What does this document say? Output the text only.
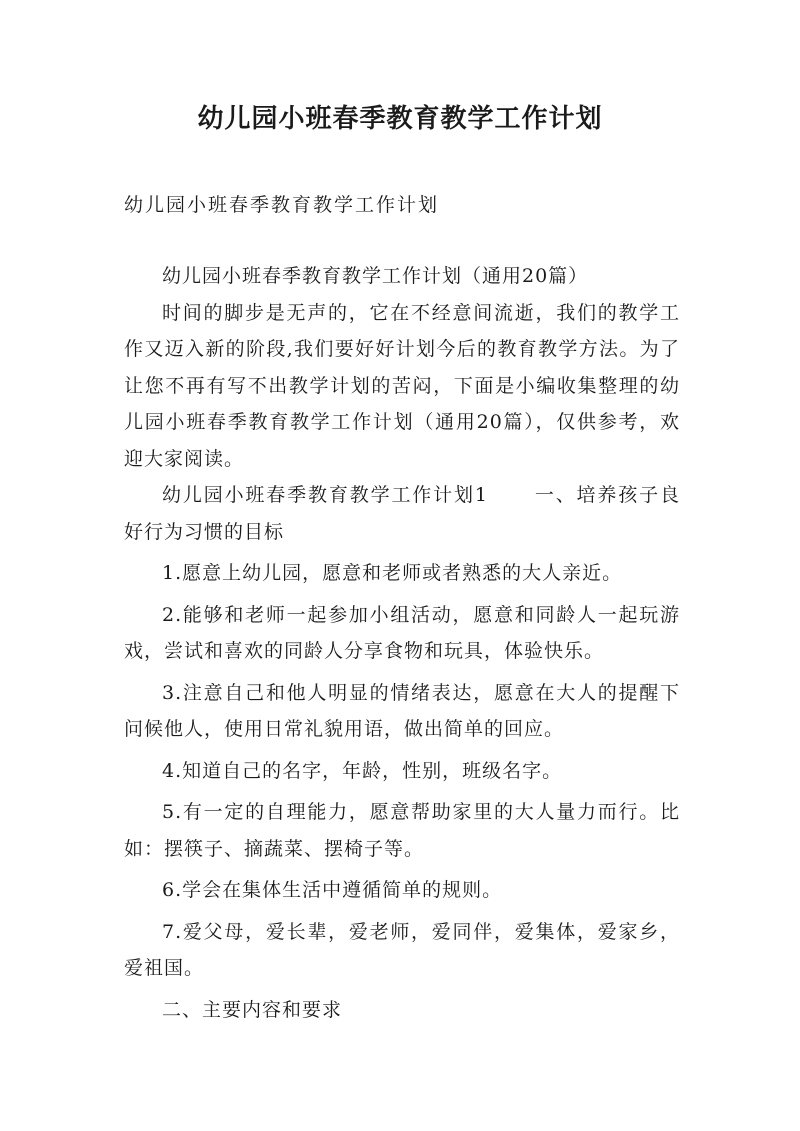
幼儿园小班春季教育教学工作计划
幼儿园小班春季教育教学工作计划

幼儿园小班春季教育教学工作计划（通用20篇）

时间的脚步是无声的，它在不经意间流逝，我们的教学工作又迈入新的阶段,我们要好好计划今后的教育教学方法。为了让您不再有写不出教学计划的苦闷，下面是小编收集整理的幼儿园小班春季教育教学工作计划（通用20篇），仅供参考，欢迎大家阅读。

幼儿园小班春季教育教学工作计划1 一、培养孩子良好行为习惯的目标

1.愿意上幼儿园，愿意和老师或者熟悉的大人亲近。

2.能够和老师一起参加小组活动，愿意和同龄人一起玩游戏，尝试和喜欢的同龄人分享食物和玩具，体验快乐。

3.注意自己和他人明显的情绪表达，愿意在大人的提醒下问候他人，使用日常礼貌用语，做出简单的回应。

4.知道自己的名字，年龄，性别，班级名字。

5.有一定的自理能力，愿意帮助家里的大人量力而行。比如：摆筷子、摘蔬菜、摆椅子等。

6.学会在集体生活中遵循简单的规则。

7.爱父母，爱长辈，爱老师，爱同伴，爱集体，爱家乡，爱祖国。

二、主要内容和要求
